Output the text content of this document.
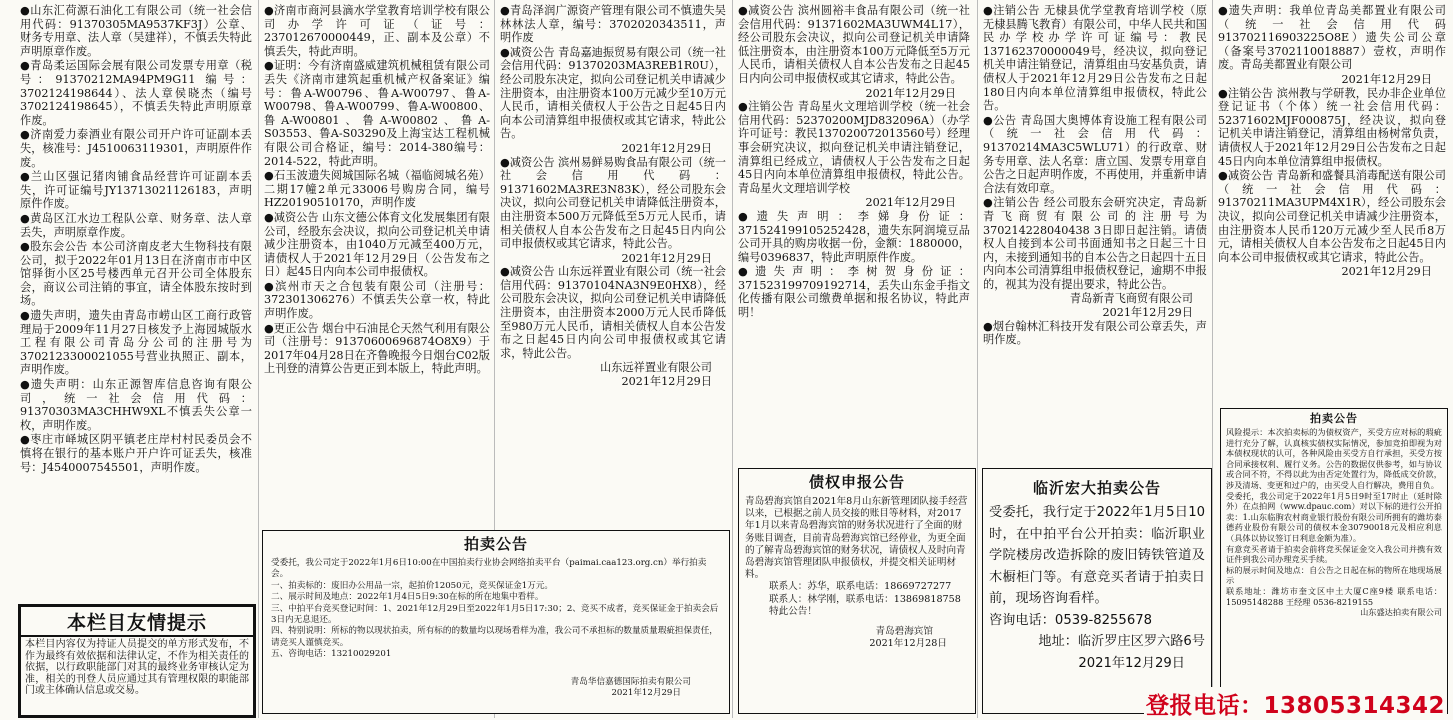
●山东汇荷源石油化工有限公司（统一社会信用代码：91370305MA9537KF3J）公章、财务专用章、法人章（吴建祥），不慎丢失特此声明原章作废。

●青岛柔运国际会展有限公司发票专用章（税号：91370212MA94PM9G11 编号：3702124198644）、法人章侯晓杰（编号3702124198645），不慎丢失特此声明原章作废。

●济南爱力泰酒业有限公司开户许可证副本丢失，核准号：J4510063119301，声明原件作废。

●兰山区强记猪肉铺食品经营许可证副本丢失，许可证编号JY13713021126183，声明原件作废。

●黄岛区江水边工程队公章、财务章、法人章丢失，声明原章作废。

●股东会公告 本公司济南皮老大生物科技有限公司，拟于2022年01月13日在济南市市中区馆驿街小区25号楼西单元召开公司全体股东会，商议公司注销的事宜，请全体股东按时到场。

●遗失声明，遗失由青岛市崂山区工商行政管理局于2009年11月27日核发予上海园城版水工程有限公司青岛分公司的注册号为3702123300021055号营业执照正、副本，声明作废。

●遗失声明：山东正源智库信息咨询有限公司，统一社会信用代码：91370303MA3CHHW9XL不慎丢失公章一枚，声明作废。

●枣庄市峄城区阴平镇老庄岸村村民委员会不慎将在银行的基本账户开户许可证丢失，核准号：J4540007545501，声明作废。

本栏目友情提示

本栏目内容仅为持证人员提交的单方形式发布，不作为最终有效依据和法律认定，不作为相关责任的依据，以行政职能部门对其的最终业务审核认定为准，相关的刊登人员应通过其有管理权限的职能部门或主体确认信息或交易。

●济南市商河县滴水学堂教育培训学校有限公司办学许可证（证号：237012670000449，正、副本及公章）不慎丢失，特此声明。

●证明：今有济南盛威建筑机械租赁有限公司丢失《济南市建筑起重机械产权备案证》编号：鲁A-W00796、鲁A-W00797、鲁A-W00798、鲁A-W00799、鲁A-W00800、鲁A-W00801、鲁A-W00802、鲁A-S03553、鲁A-S03290及上海宝达工程机械有限公司合格证，编号：2014-380编号：2014-522，特此声明。

●石玉波遗失阅城国际名城（福临阅城名苑）二期17幢2单元33006号购房合同，编号HZ20190510170，声明作废

●减资公告 山东文德公体育文化发展集团有限公司，经股东会决议，拟向公司登记机关申请减少注册资本，由1040万元减至400万元，请债权人于2021年12月29日（公告发布之日）起45日内向本公司申报债权。

●滨州市天之合包装有限公司（注册号：372301306276）不慎丢失公章一枚，特此声明作废。

●更正公告 烟台中石油昆仑天然气利用有限公司（注册号：91370600696874O8X9）于2017年04月28日在齐鲁晚报今日烟台C02版上刊登的清算公告更正到本版上，特此声明。

●青岛泽润广源资产管理有限公司不慎遗失吴林林法人章，编号：3702020343511，声明作废

●减资公告 青岛嘉迪振贸易有限公司（统一社会信用代码：91370203MA3REB1R0U），经公司股东决定，拟向公司登记机关申请减少注册资本，由注册资本100万元减少至10万元人民币，请相关债权人于公告之日起45日内向本公司清算组申报债权或其它请求，特此公告。

2021年12月29日

●减资公告 滨州易鲜易购食品有限公司（统一社会信用代码：91371602MA3RE3N83K），经公司股东会决议，拟向公司登记机关申请降低注册资本，由注册资本500万元降低至5万元人民币，请相关债权人自本公告发布之日起45日内向公司申报债权或其它请求，特此公告。

2021年12月29日

●减资公告 山东远祥置业有限公司（统一社会信用代码：91370104NA3N9E0HX8），经公司股东会决议，拟向公司登记机关申请降低注册资本，由注册资本2000万元人民币降低至980万元人民币，请相关债权人自本公告发布之日起45日内向公司申报债权或其它请求，特此公告。

山东远祥置业有限公司
2021年12月29日

●减资公告 滨州圆裕丰食品有限公司（统一社会信用代码：91371602MA3UWM4L17），经公司股东会决议，拟向公司登记机关申请降低注册资本，由注册资本100万元降低至5万元人民币，请相关债权人自本公告发布之日起45日内向公司申报债权或其它请求，特此公告。

2021年12月29日

●注销公告 青岛星火文理培训学校（统一社会信用代码：52370200MJD832096A）（办学许可证号：教民137020072013560号）经理事会研究决议，拟向登记机关申请注销登记，清算组已经成立，请债权人于公告发布之日起45日内向本单位清算组申报债权，特此公告。青岛星火文理培训学校

2021年12月29日

●遗失声明：李娣身份证：371524199105252428，遗失东阿润境豆品公司开具的购房收据一份，金额：1880000，编号0396837，特此声明原件作废。

●遗失声明：李树贺身份证：371523199709192714，丢失山东金手指文化传播有限公司缴费单据和报名协议，特此声明！

●注销公告 无棣县优学堂教育培训学校（原无棣县腾飞教育）有限公司，中华人民共和国民办学校办学许可证编号：教民137162370000049号，经决议，拟向登记机关申请注销登记，清算组由马安基负责，请债权人于2021年12月29日公告发布之日起180日内向本单位清算组申报债权，特此公告。

●公告 青岛国大奥博体育设施工程有限公司（统一社会信用代码：91370214MA3C5WLU71）的行政章、财务专用章、法人名章：唐立国、发票专用章自公告之日起声明作废，不再使用，并重新申请合法有效印章。

●注销公告 经公司股东会研究决定，青岛新青飞商贸有限公司的注册号为370214228040438 3日即日起注销。请债权人自接到本公司书面通知书之日起三十日内，未接到通知书的自本公告之日起四十五日内向本公司清算组申报债权登记，逾期不申报的，视其为没有提出要求，特此公告。

青岛新青飞商贸有限公司
2021年12月29日

●烟台翰林汇科技开发有限公司公章丢失，声明作废。

●遗失声明：我单位青岛美都置业有限公司（统一社会信用代码913702116903225O8E）遗失公司公章（备案号3702110018887）壹枚，声明作废。青岛美都置业有限公司

2021年12月29日

●注销公告 滨州教与学研教，民办非企业单位登记证书（个体）统一社会信用代码：52371602MJF000875J，经决议，拟向登记机关申请注销登记，清算组由杨树常负责，请债权人于2021年12月29日公告发布之日起45日内向本单位清算组申报债权。

●减资公告 青岛新和盛餐具消毒配送有限公司（统一社会信用代码：91370211MA3UPM4X1R），经公司股东会决议，拟向公司登记机关申请减少注册资本，由注册资本人民币120万元减少至人民币8万元，请相关债权人自本公告发布之日起45日内向本公司申报债权或其它请求，特此公告。

2021年12月29日
拍卖公告
受委托，我公司定于2022年1月6日10:00在中国拍卖行业协会网络拍卖平台（paimai.caa123.org.cn）举行拍卖会。
一、拍卖标的：废旧办公用品一宗，起拍价12050元，竞买保证金1万元。
二、展示时间及地点：2022年1月4日5日9:30在标的所在地集中看样。
三、中拍平台竞买登记时间：1、2021年12月29日至2022年1月5日17:30；2、竞买不成者，竞买保证金于拍卖会后3日内无息退还。
四、特别说明：所标的物以现状拍卖，所有标的的数量均以现场看样为准，我公司不承担标的数量质量瑕疵担保责任，请竞买人谨慎竞买。
五、咨询电话：13210029201
青岛华信嘉德国际拍卖有限公司
2021年12月29日
债权申报公告
青岛碧海宾馆自2021年8月山东新管理团队接手经营以来，已根据之前人员交接的账目等材料，对2017年1月以来青岛碧海宾馆的财务状况进行了全面的财务账目调查，目前青岛碧海宾馆已经停业，为更全面的了解青岛碧海宾馆的财务状况，请债权人及时向青岛碧海宾馆管理团队申报债权，并提交相关证明材料。
联系人：苏华，联系电话：18669727277
联系人：林学刚，联系电话：13869818758
特此公告！
青岛碧海宾馆
2021年12月28日
临沂宏大拍卖公告
受委托，我行定于2022年1月5日10时，在中拍平台公开拍卖：临沂职业学院楼房改造拆除的废旧铸铁管道及木橱柜门等。有意竞买者请于拍卖日前，现场咨询看样。
咨询电话：0539-8255678
地址：临沂罗庄区罗六路6号
2021年12月29日
拍卖公告
风险提示：本次拍卖标的为债权资产，买受方应对标的瑕疵进行充分了解，认真核实债权实际情况，参加竞拍即视为对本债权现状的认可，各种风险由买受方自行承担，买受方按合同承接权利、履行义务。公告的数据仅供参考，如与协议或合同不符，不得以此为由否定处置行为，降低成交价款，涉及清场、变更和过户的，由买受人自行解决，费用自负。
受委托，我公司定于2022年1月5日9时至17时止（延时除外）在点拍网（www.dpauc.com）对以下标的进行公开拍卖：1.山东临朐农村商业银行股份有限公司所拥有的潍坊泰德药业股份有限公司的债权本金30790018元及相应利息（具体以协议签订日利息金额为准）。
有意竞买者请于拍卖会前将竞买保证金交入我公司并携有效证件到我公司办理竞买手续。
标的展示时间及地点：自公告之日起在标的物所在地现场展示
联系地址：潍坊市奎文区中土大厦C座9楼 联系电话：15095148288 王经理 0536-8219155
山东盛达拍卖有限公司
登报电话：13805314342
